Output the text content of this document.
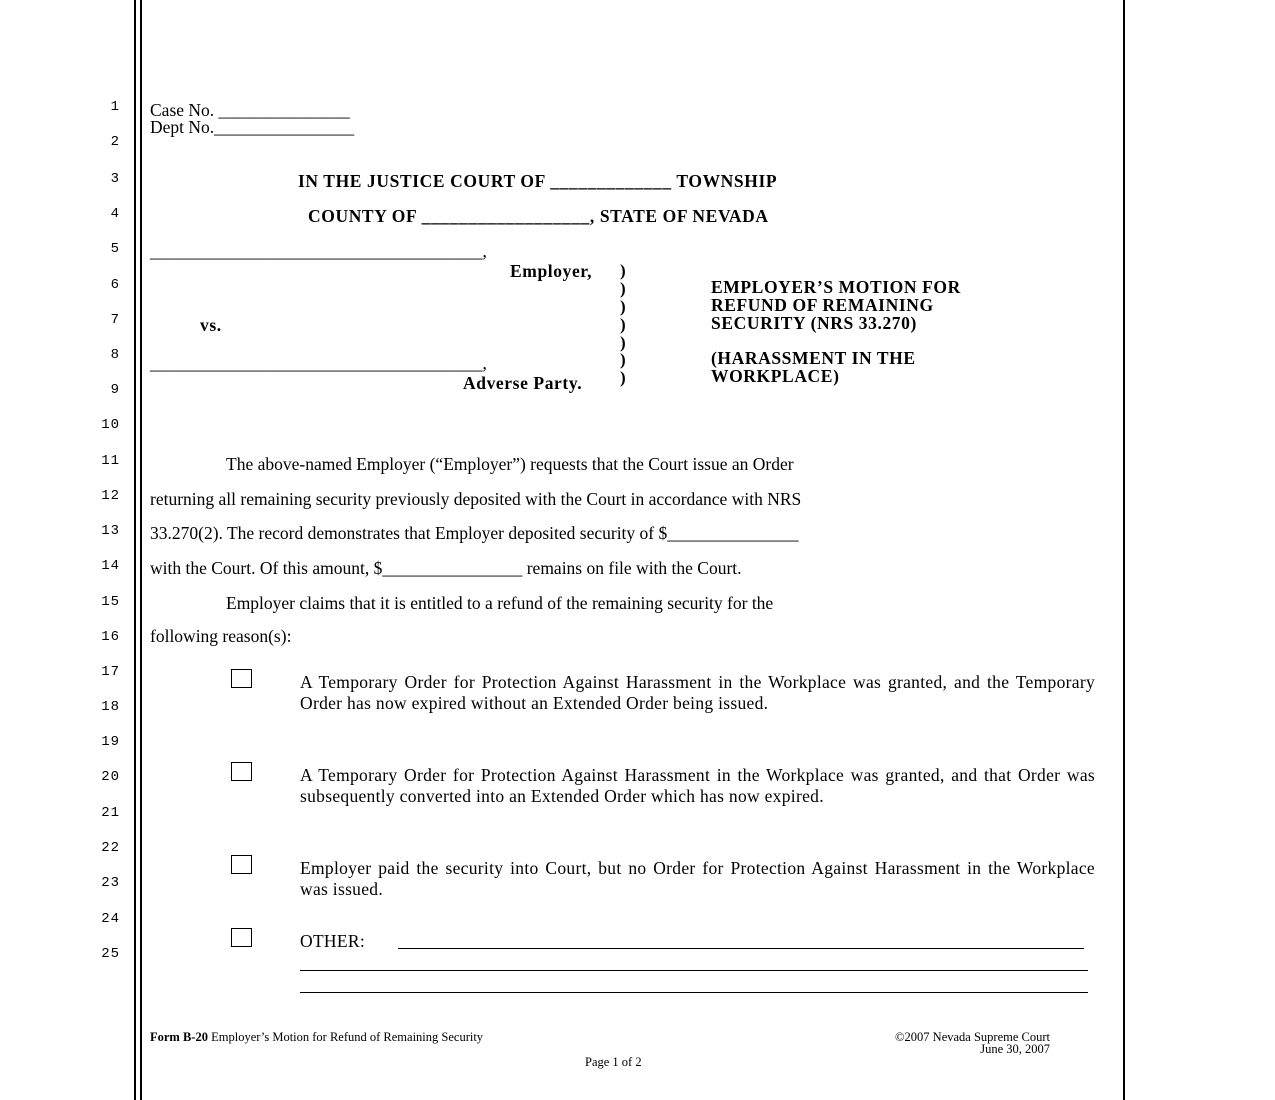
1
2
3
4
5
6
7
8
9
10
11
12
13
14
15
16
17
18
19
20
21
22
23
24
25
Case No. _______________
Dept No.________________
IN THE JUSTICE COURT OF _____________ TOWNSHIP
COUNTY OF __________________, STATE OF NEVADA
______________________________________,
Employer,
vs.
______________________________________,
Adverse Party.
)
)
)
)
)
)
)
EMPLOYER’S MOTION FOR
REFUND OF REMAINING
SECURITY (NRS 33.270)
(HARASSMENT IN THE
WORKPLACE)
The above-named Employer (“Employer”) requests that the Court issue an Order
returning all remaining security previously deposited with the Court in accordance with NRS
33.270(2). The record demonstrates that Employer deposited security of $_______________
with the Court. Of this amount, $________________ remains on file with the Court.
Employer claims that it is entitled to a refund of the remaining security for the
following reason(s):
A Temporary Order for Protection Against Harassment in the Workplace was granted, and the Temporary Order has now expired without an Extended Order being issued.
A Temporary Order for Protection Against Harassment in the Workplace was granted, and that Order was subsequently converted into an Extended Order which has now expired.
Employer paid the security into Court, but no Order for Protection Against Harassment in the Workplace was issued.
OTHER:
Form B-20 Employer’s Motion for Refund of Remaining Security	©2007 Nevada Supreme Court
June 30, 2007
Page 1 of 2
